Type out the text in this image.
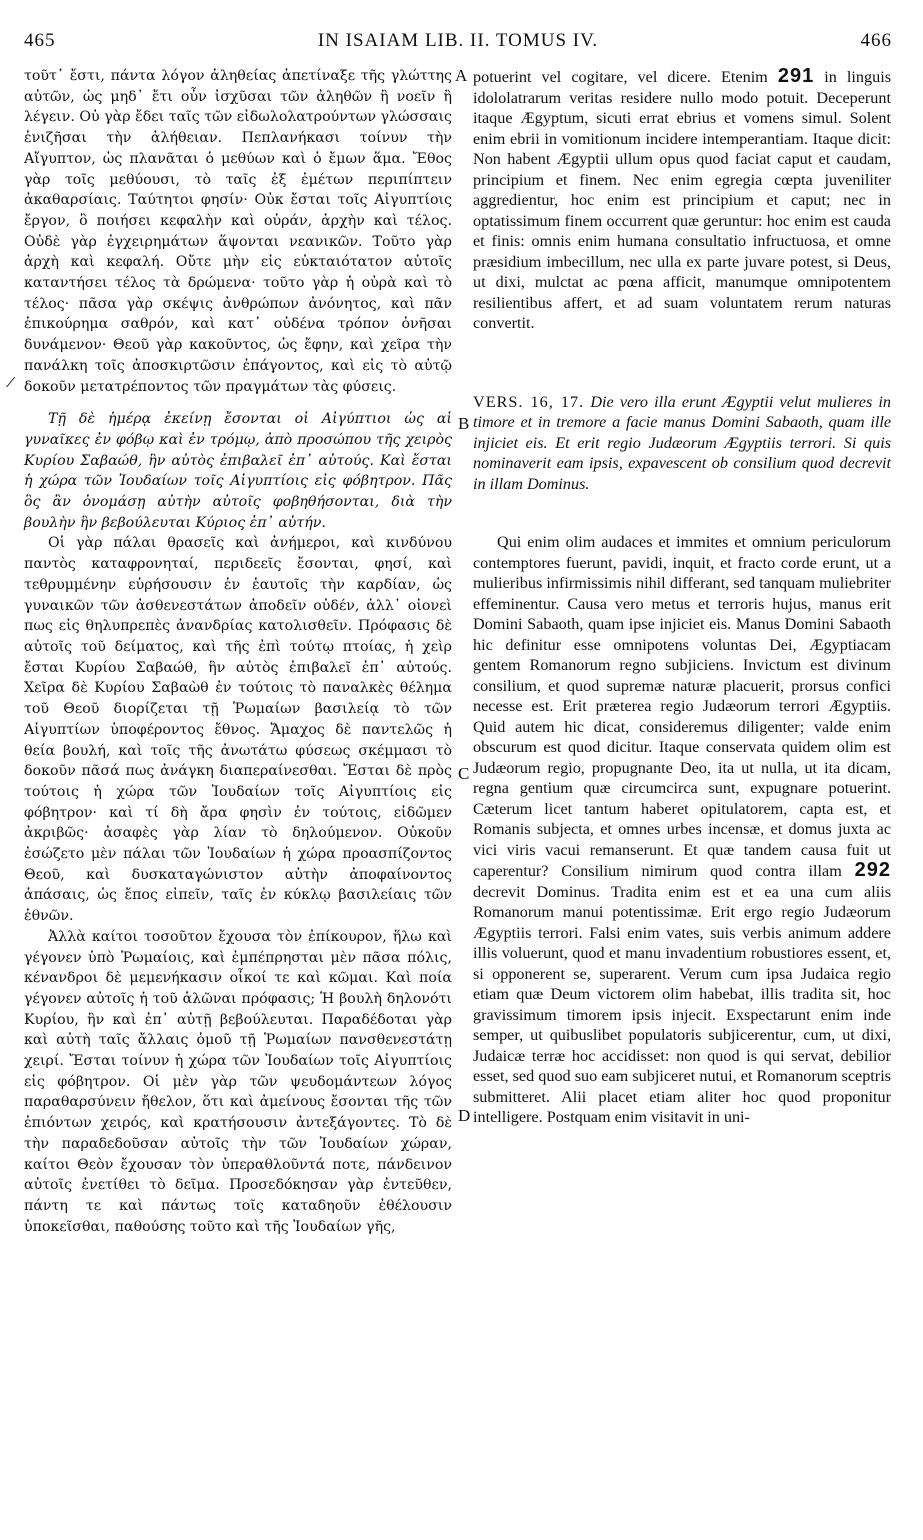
465	IN ISAIAM LIB. II. TOMUS IV.	466
/

τοῦτ᾽ ἔστι, πάντα λόγον ἀληθείας ἀπετίναξε τῆς γλώττης αὐτῶν, ὡς μηδ᾽ ἔτι οὖν ἰσχῦσαι τῶν ἀληθῶν ἢ νοεῖν ἢ λέγειν. Οὐ γὰρ ἔδει ταῖς τῶν εἰδωλολατρούντων γλώσσαις ἐνιζῆσαι τὴν ἀλήθειαν. Πεπλανήκασι τοίνυν τὴν Αἴγυπτον, ὡς πλανᾶται ὁ μεθύων καὶ ὁ ἔμων ἅμα. Ἔθος γὰρ τοῖς μεθύουσι, τὸ ταῖς ἐξ ἐμέτων περιπίπτειν ἀκαθαρσίαις. Ταύτητοι φησίν· Οὐκ ἔσται τοῖς Αἰγυπτίοις ἔργον, ὃ ποιήσει κεφαλὴν καὶ οὐράν, ἀρχὴν καὶ τέλος. Οὐδὲ γὰρ ἐγχειρημάτων ἅψονται νεανικῶν. Τοῦτο γὰρ ἀρχὴ καὶ κεφαλή. Οὔτε μὴν εἰς εὐκταιότατον αὐτοῖς καταντήσει τέλος τὰ δρώμενα· τοῦτο γὰρ ἡ οὐρὰ καὶ τὸ τέλος· πᾶσα γὰρ σκέψις ἀνθρώπων ἀνόνητος, καὶ πᾶν ἐπικούρημα σαθρόν, καὶ κατ᾽ οὐδένα τρόπον ὀνῆσαι δυνάμενον· Θεοῦ γὰρ κακοῦντος, ὡς ἔφην, καὶ χεῖρα τὴν πανάλκη τοῖς ἀποσκιρτῶσιν ἐπάγοντος, καὶ εἰς τὸ αὐτῷ δοκοῦν μετατρέποντος τῶν πραγμάτων τὰς φύσεις.

Τῇ δὲ ἡμέρᾳ ἐκείνῃ ἔσονται οἱ Αἰγύπτιοι ὡς αἱ γυναῖκες ἐν φόβῳ καὶ ἐν τρόμῳ, ἀπὸ προσώπου τῆς χειρὸς Κυρίου Σαβαώθ, ἣν αὐτὸς ἐπιβαλεῖ ἐπ᾽ αὐτούς. Καὶ ἔσται ἡ χώρα τῶν Ἰουδαίων τοῖς Αἰγυπτίοις εἰς φόβητρον. Πᾶς ὃς ἂν ὀνομάσῃ αὐτὴν αὐτοῖς φοβηθήσονται, διὰ τὴν βουλὴν ἣν βεβούλευται Κύριος ἐπ᾽ αὐτήν.

Οἱ γὰρ πάλαι θρασεῖς καὶ ἀνήμεροι, καὶ κινδύνου παντὸς καταφρονηταί, περιδεεῖς ἔσονται, φησί, καὶ τεθρυμμένην εὑρήσουσιν ἐν ἑαυτοῖς τὴν καρδίαν, ὡς γυναικῶν τῶν ἀσθενεστάτων ἀποδεῖν οὐδέν, ἀλλ᾽ οἰονεὶ πως εἰς θηλυπρεπὲς ἀνανδρίας κατολισθεῖν. Πρόφασις δὲ αὐτοῖς τοῦ δείματος, καὶ τῆς ἐπὶ τούτῳ πτοίας, ἡ χεὶρ ἔσται Κυρίου Σαβαώθ, ἣν αὐτὸς ἐπιβαλεῖ ἐπ᾽ αὐτούς. Χεῖρα δὲ Κυρίου Σαβαὼθ ἐν τούτοις τὸ παναλκὲς θέλημα τοῦ Θεοῦ διορίζεται τῇ Ῥωμαίων βασιλείᾳ τὸ τῶν Αἰγυπτίων ὑποφέροντος ἔθνος. Ἄμαχος δὲ παντελῶς ἡ θεία βουλή, καὶ τοῖς τῆς ἀνωτάτω φύσεως σκέμμασι τὸ δοκοῦν πᾶσά πως ἀνάγκη διαπεραίνεσθαι. Ἔσται δὲ πρὸς τούτοις ἡ χώρα τῶν Ἰουδαίων τοῖς Αἰγυπτίοις εἰς φόβητρον· καὶ τί δὴ ἄρα φησὶν ἐν τούτοις, εἰδῶμεν ἀκριβῶς· ἀσαφὲς γὰρ λίαν τὸ δηλούμενον. Οὐκοῦν ἐσώζετο μὲν πάλαι τῶν Ἰουδαίων ἡ χώρα προασπίζοντος Θεοῦ, καὶ δυσκαταγώνιστον αὐτὴν ἀποφαίνοντος ἁπάσαις, ὡς ἔπος εἰπεῖν, ταῖς ἐν κύκλῳ βασιλείαις τῶν ἐθνῶν.

Ἀλλὰ καίτοι τοσοῦτον ἔχουσα τὸν ἐπίκουρον, ἥλω καὶ γέγονεν ὑπὸ Ῥωμαίοις, καὶ ἐμπέπρησται μὲν πᾶσα πόλις, κένανδροι δὲ μεμενήκασιν οἶκοί τε καὶ κῶμαι. Καὶ ποία γέγονεν αὐτοῖς ἡ τοῦ ἁλῶναι πρόφασις; Ἡ βουλὴ δηλονότι Κυρίου, ἣν καὶ ἐπ᾽ αὐτῇ βεβούλευται. Παραδέδοται γὰρ καὶ αὐτὴ ταῖς ἄλλαις ὁμοῦ τῇ Ῥωμαίων πανσθενεστάτῃ χειρί. Ἔσται τοίνυν ἡ χώρα τῶν Ἰουδαίων τοῖς Αἰγυπτίοις εἰς φόβητρον. Οἱ μὲν γὰρ τῶν ψευδομάντεων λόγος παραθαρσύνειν ἤθελον, ὅτι καὶ ἀμείνους ἔσονται τῆς τῶν ἐπιόντων χειρός, καὶ κρατήσουσιν ἀντεξάγοντες. Τὸ δὲ τὴν παραδεδοῦσαν αὐτοῖς τὴν τῶν Ἰουδαίων χώραν, καίτοι Θεὸν ἔχουσαν τὸν ὑπεραθλοῦντά ποτε, πάνδεινον αὐτοῖς ἐνετίθει τὸ δεῖμα. Προσεδόκησαν γὰρ ἐντεῦθεν, πάντη τε καὶ πάντως τοῖς καταδηοῦν ἐθέλουσιν ὑποκεῖσθαι, παθούσης τοῦτο καὶ τῆς Ἰουδαίων γῆς,

A
B
C
D

potuerint vel cogitare, vel dicere. Etenim 291 in linguis idololatrarum veritas residere nullo modo potuit. Deceperunt itaque Ægyptum, sicuti errat ebrius et vomens simul. Solent enim ebrii in vomitionum incidere intemperantiam. Itaque dicit: Non habent Ægyptii ullum opus quod faciat caput et caudam, principium et finem. Nec enim egregia cœpta juveniliter aggredientur, hoc enim est principium et caput; nec in optatissimum finem occurrent quæ geruntur: hoc enim est cauda et finis: omnis enim humana consultatio infructuosa, et omne præsidium imbecillum, nec ulla ex parte juvare potest, si Deus, ut dixi, mulctat ac pœna afficit, manumque omnipotentem resilientibus affert, et ad suam voluntatem rerum naturas convertit.

VERS. 16, 17. Die vero illa erunt Ægyptii velut mulieres in timore et in tremore a facie manus Domini Sabaoth, quam ille injiciet eis. Et erit regio Judæorum Ægyptiis terrori. Si quis nominaverit eam ipsis, expavescent ob consilium quod decrevit in illam Dominus.

Qui enim olim audaces et immites et omnium periculorum contemptores fuerunt, pavidi, inquit, et fracto corde erunt, ut a mulieribus infirmissimis nihil differant, sed tanquam muliebriter effeminentur. Causa vero metus et terroris hujus, manus erit Domini Sabaoth, quam ipse injiciet eis. Manus Domini Sabaoth hic definitur esse omnipotens voluntas Dei, Ægyptiacam gentem Romanorum regno subjiciens. Invictum est divinum consilium, et quod supremæ naturæ placuerit, prorsus confici necesse est. Erit præterea regio Judæorum terrori Ægyptiis. Quid autem hic dicat, consideremus diligenter; valde enim obscurum est quod dicitur. Itaque conservata quidem olim est Judæorum regio, propugnante Deo, ita ut nulla, ut ita dicam, regna gentium quæ circumcirca sunt, expugnare potuerint. Cæterum licet tantum haberet opitulatorem, capta est, et Romanis subjecta, et omnes urbes incensæ, et domus juxta ac vici viris vacui remanserunt. Et quæ tandem causa fuit ut caperentur? Consilium nimirum quod contra illam 292 decrevit Dominus. Tradita enim est et ea una cum aliis Romanorum manui potentissimæ. Erit ergo regio Judæorum Ægyptiis terrori. Falsi enim vates, suis verbis animum addere illis voluerunt, quod et manu invadentium robustiores essent, et, si opponerent se, superarent. Verum cum ipsa Judaica regio etiam quæ Deum victorem olim habebat, illis tradita sit, hoc gravissimum timorem ipsis injecit. Exspectarunt enim inde semper, ut quibuslibet populatoris subjicerentur, cum, ut dixi, Judaicæ terræ hoc accidisset: non quod is qui servat, debilior esset, sed quod suo eam subjiceret nutui, et Romanorum sceptris submitteret. Alii placet etiam aliter hoc quod proponitur intelligere. Postquam enim visitavit in uni-
